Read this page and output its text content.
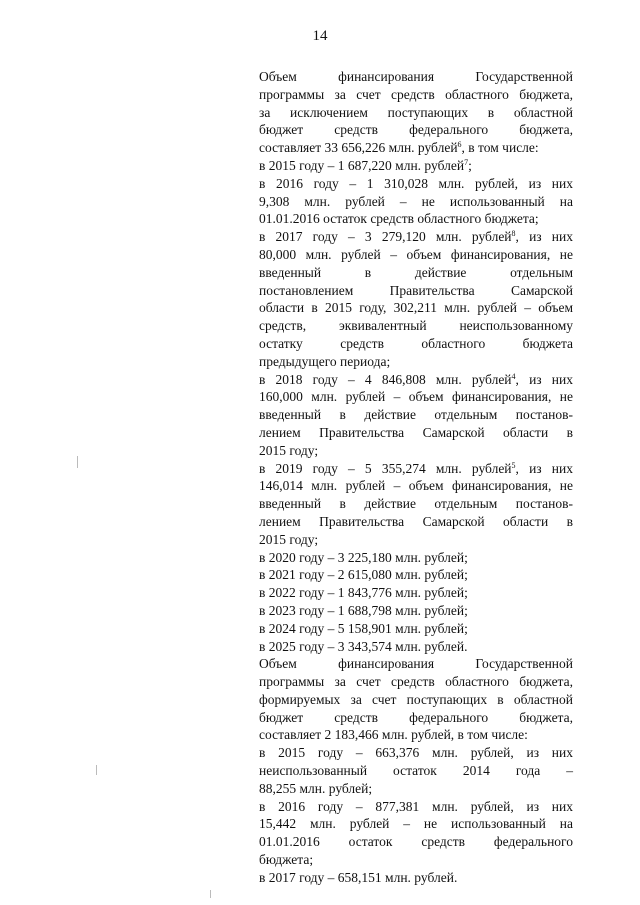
14
Объем финансирования Государственной
программы за счет средств областного бюджета,
за исключением поступающих в областной
бюджет средств федерального бюджета,
составляет 33 656,226 млн. рублей$^6$, в том числе:
в 2015 году – 1 687,220 млн. рублей$^7$;
в 2016 году – 1 310,028 млн. рублей, из них
9,308 млн. рублей – не использованный на
01.01.2016 остаток средств областного бюджета;
в 2017 году – 3 279,120 млн. рублей$^8$, из них
80,000 млн. рублей – объем финансирования, не
введенный в действие отдельным
постановлением Правительства Самарской
области в 2015 году, 302,211 млн. рублей – объем
средств, эквивалентный неиспользованному
остатку средств областного бюджета
предыдущего периода;
в 2018 году – 4 846,808 млн. рублей$^4$, из них
160,000 млн. рублей – объем финансирования, не
введенный в действие отдельным постанов-
лением Правительства Самарской области в
2015 году;
в 2019 году – 5 355,274 млн. рублей$^5$, из них
146,014 млн. рублей – объем финансирования, не
введенный в действие отдельным постанов-
лением Правительства Самарской области в
2015 году;
в 2020 году – 3 225,180 млн. рублей;
в 2021 году – 2 615,080 млн. рублей;
в 2022 году – 1 843,776 млн. рублей;
в 2023 году – 1 688,798 млн. рублей;
в 2024 году – 5 158,901 млн. рублей;
в 2025 году – 3 343,574 млн. рублей.
Объем финансирования Государственной
программы за счет средств областного бюджета,
формируемых за счет поступающих в областной
бюджет средств федерального бюджета,
составляет 2 183,466 млн. рублей, в том числе:
в 2015 году – 663,376 млн. рублей, из них
неиспользованный остаток 2014 года –
88,255 млн. рублей;
в 2016 году – 877,381 млн. рублей, из них
15,442 млн. рублей – не использованный на
01.01.2016 остаток средств федерального
бюджета;
в 2017 году – 658,151 млн. рублей.
